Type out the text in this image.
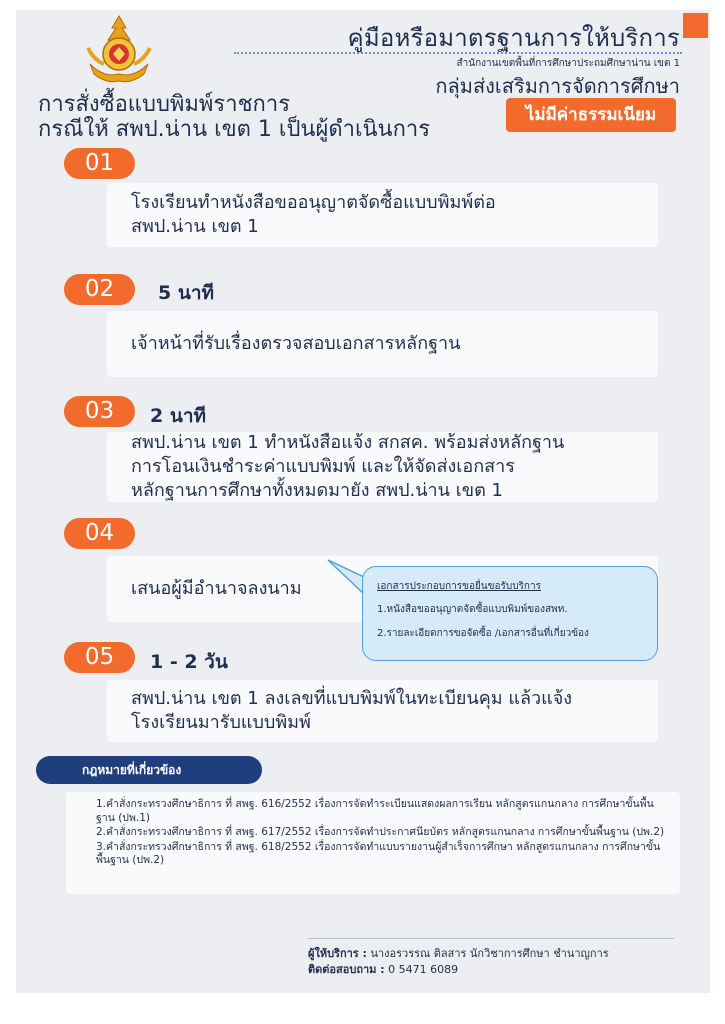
คู่มือหรือมาตรฐานการให้บริการ
สำนักงานเขตพื้นที่การศึกษาประถมศึกษาน่าน เขต 1
กลุ่มส่งเสริมการจัดการศึกษา
การสั่งซื้อแบบพิมพ์ราชการ
กรณีให้ สพป.น่าน เขต 1 เป็นผู้ดำเนินการ
ไม่มีค่าธรรมเนียม
01
โรงเรียนทำหนังสือขออนุญาตจัดซื้อแบบพิมพ์ต่อ
สพป.น่าน เขต 1
02	5 นาที
เจ้าหน้าที่รับเรื่องตรวจสอบเอกสารหลักฐาน
03	2 นาที
สพป.น่าน เขต 1 ทำหนังสือแจ้ง สกสค. พร้อมส่งหลักฐาน
การโอนเงินชำระค่าแบบพิมพ์ และให้จัดส่งเอกสาร
หลักฐานการศึกษาทั้งหมดมายัง สพป.น่าน เขต 1
04
เสนอผู้มีอำนาจลงนาม	เอกสารประกอบการขอยื่นขอรับบริการ
1.หนังสือขออนุญาตจัดซื้อแบบพิมพ์ของสพท.
2.รายละเอียดการขอจัดซื้อ /เอกสารอื่นที่เกี่ยวข้อง
05	1 - 2 วัน
สพป.น่าน เขต 1 ลงเลขที่แบบพิมพ์ในทะเบียนคุม แล้วแจ้ง
โรงเรียนมารับแบบพิมพ์
กฎหมายที่เกี่ยวข้อง
1.คำสั่งกระทรวงศึกษาธิการ ที่ สพฐ. 616/2552 เรื่องการจัดทำระเบียนแสดงผลการเรียน หลักสูตรแกนกลาง การศึกษาขั้นพื้นฐาน (ปพ.1)
2.คำสั่งกระทรวงศึกษาธิการ ที่ สพฐ. 617/2552 เรื่องการจัดทำประกาศนียบัตร หลักสูตรแกนกลาง การศึกษาขั้นพื้นฐาน (ปพ.2)
3.คำสั่งกระทรวงศึกษาธิการ ที่ สพฐ. 618/2552 เรื่องการจัดทำแบบรายงานผู้สำเร็จการศึกษา หลักสูตรแกนกลาง การศึกษาขั้นพื้นฐาน (ปพ.2)
ผู้ให้บริการ : นางอรวรรณ ติลสาร นักวิชาการศึกษา ชำนาญการ
ติดต่อสอบถาม : 0 5471 6089
